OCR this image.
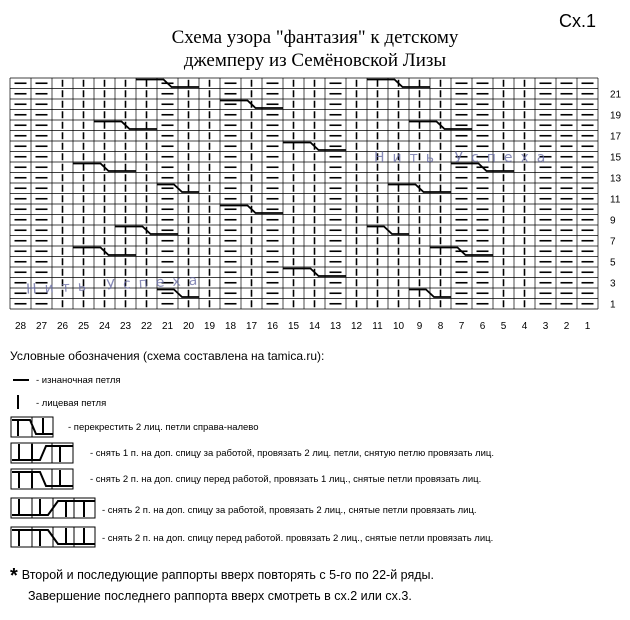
Схема узора "фантазия" к детскому
джемперу из Семёновской Лизы
Сх.1
1
3
5
7
9
11
13
15
17
19
21
28 27 26 25 24 23 22 21 20 19 18 17 16 15 14 13 12 11 10 9 8 7 6 5 4 3 2 1
Нить Успеха
Нить Успеха
Условные обозначения (схема составлена на tamica.ru):
- изнаночная петля
- лицевая петля
- перекрестить 2 лиц. петли справа-налево
- снять 1 п. на доп. спицу за работой, провязать 2 лиц. петли, снятую петлю провязать лиц.
- снять 2 п. на доп. спицу перед работой, провязать 1 лиц., снятые петли провязать лиц.
- снять 2 п. на доп. спицу за работой, провязать 2 лиц., снятые петли провязать лиц.
- снять 2 п. на доп. спицу перед работой. провязать 2 лиц., снятые петли провязать лиц.
* Второй и последующие раппорты вверх повторять с 5-го по 22-й ряды.
Завершение последнего раппорта вверх смотреть в сх.2 или сх.3.
